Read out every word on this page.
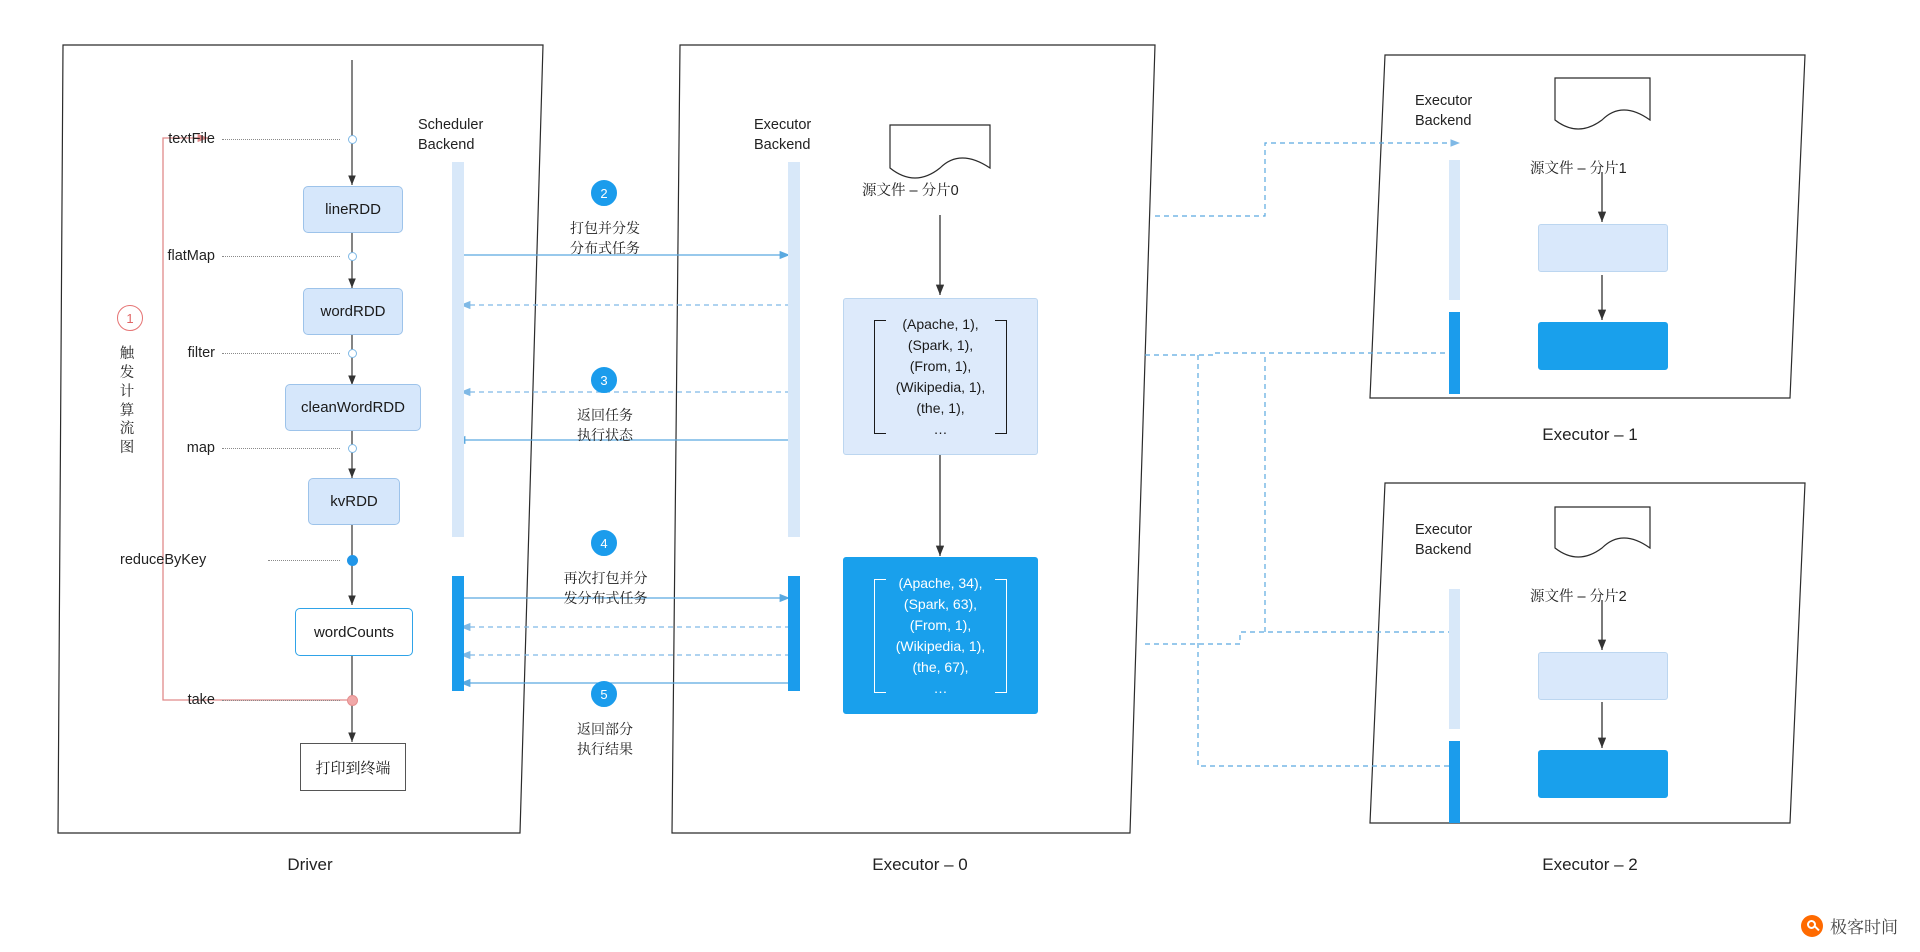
1
触发计算流图
textFile
flatMap
filter
map
reduceByKey
take
lineRDD
wordRDD
cleanWordRDD
kvRDD
wordCounts
打印到终端
Scheduler
Backend
Executor
Backend
源文件 – 分片0
(Apache, 1),
(Spark, 1),
(From, 1),
(Wikipedia, 1),
(the, 1),
…
(Apache, 34),
(Spark, 63),
(From, 1),
(Wikipedia, 1),
(the, 67),
…
2
打包并分发
分布式任务
3
返回任务
执行状态
4
再次打包并分
发分布式任务
5
返回部分
执行结果
Executor
Backend
源文件 – 分片1
Executor
Backend
源文件 – 分片2
Driver	Executor – 0
Executor – 1
Executor – 2
极客时间
